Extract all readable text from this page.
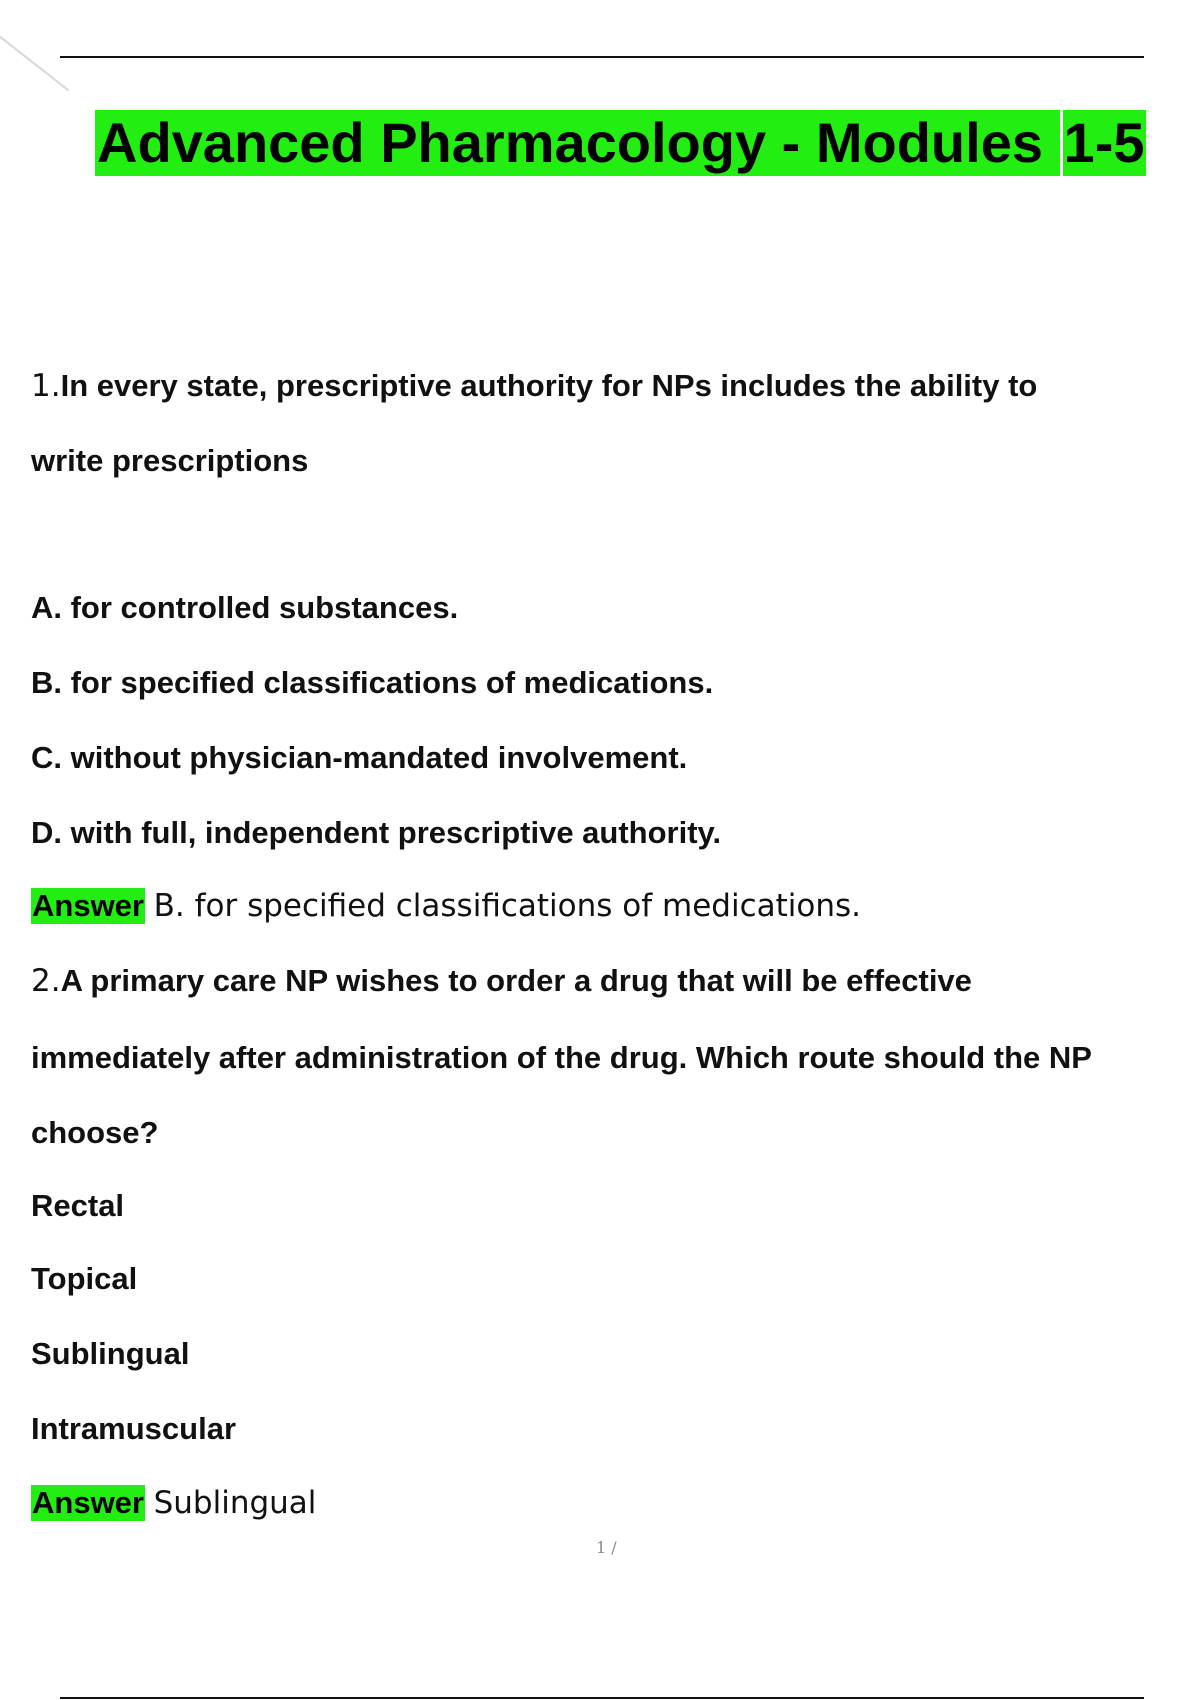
Advanced Pharmacology - Modules 1-5
1.In every state, prescriptive authority for NPs includes the ability to
write prescriptions
A. for controlled substances.
B. for specified classifications of medications.
C. without physician-mandated involvement.
D. with full, independent prescriptive authority.
Answer B. for specified classifications of medications.
2.A primary care NP wishes to order a drug that will be effective
immediately after administration of the drug. Which route should the NP
choose?
Rectal
Topical
Sublingual
Intramuscular
Answer Sublingual
1 /
